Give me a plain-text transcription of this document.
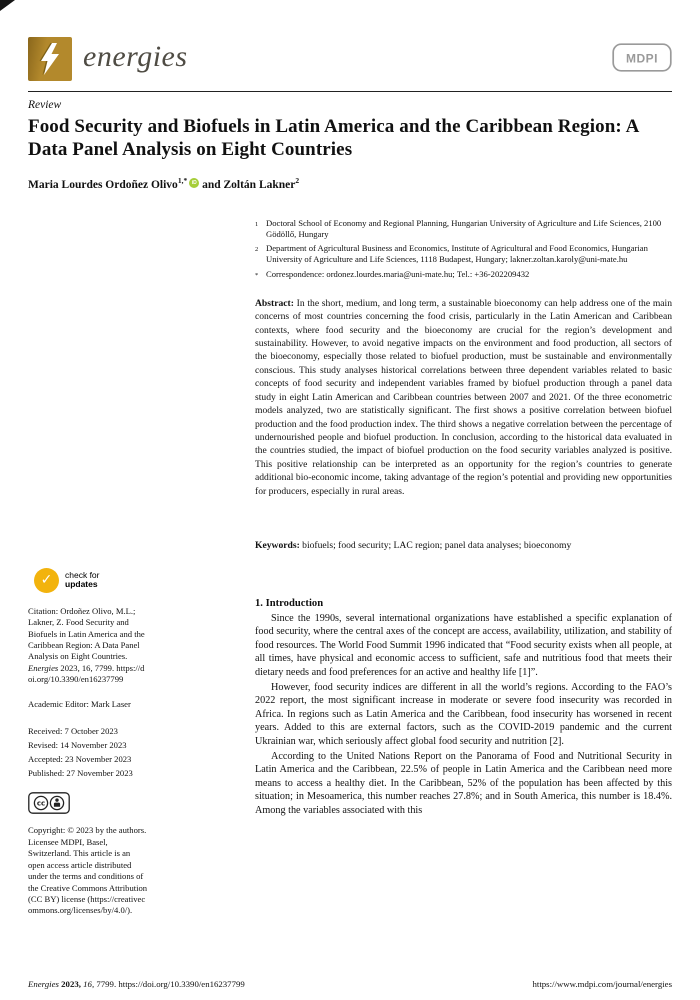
energies	MDPI
Review
Food Security and Biofuels in Latin America and the Caribbean Region: A Data Panel Analysis on Eight Countries
Maria Lourdes Ordoñez Olivo$^{1,*}$ iD and Zoltán Lakner$^2$
✓ check for
updates

Citation: Ordoñez Olivo, M.L.; Lakner, Z. Food Security and Biofuels in Latin America and the Caribbean Region: A Data Panel Analysis on Eight Countries. Energies 2023, 16, 7799. https://doi.org/10.3390/en16237799

Academic Editor: Mark Laser

Received: 7 October 2023
Revised: 14 November 2023
Accepted: 23 November 2023
Published: 27 November 2023
cc

Copyright: © 2023 by the authors. Licensee MDPI, Basel, Switzerland. This article is an open access article distributed under the terms and conditions of the Creative Commons Attribution (CC BY) license (https://creativecommons.org/licenses/by/4.0/).

1 Doctoral School of Economy and Regional Planning, Hungarian University of Agriculture and Life Sciences, 2100 Gödöllő, Hungary
2 Department of Agricultural Business and Economics, Institute of Agricultural and Food Economics, Hungarian University of Agriculture and Life Sciences, 1118 Budapest, Hungary; lakner.zoltan.karoly@uni-mate.hu
* Correspondence: ordonez.lourdes.maria@uni-mate.hu; Tel.: +36-202209432

Abstract: In the short, medium, and long term, a sustainable bioeconomy can help address one of the main concerns of most countries concerning the food crisis, particularly in the Latin American and Caribbean contexts, where food security and the bioeconomy are crucial for the region’s development and sustainability. However, to avoid negative impacts on the environment and food production, all sectors of the bioeconomy, especially those related to biofuel production, must be sustainable and environmentally conscious. This study analyses historical correlations between three dependent variables related to basic concepts of food security and independent variables framed by biofuel production through a panel data study in eight Latin American and Caribbean countries between 2007 and 2021. Of the three econometric models analyzed, two are statistically significant. The first shows a positive correlation between biofuel production and the food production index. The third shows a negative correlation between the percentage of undernourished people and biofuel production. In conclusion, according to the historical data evaluated in the countries studied, the impact of biofuel production on the food security variables analyzed is positive. This positive relationship can be interpreted as an opportunity for the region’s countries to generate additional bio-economic income, taking advantage of the region’s potential and providing new opportunities for producers, especially in rural areas.

Keywords: biofuels; food security; LAC region; panel data analyses; bioeconomy

1. Introduction

Since the 1990s, several international organizations have established a specific explanation of food security, where the central axes of the concept are access, availability, utilization, and stability of food resources. The World Food Summit 1996 indicated that “Food security exists when all people, at all times, have physical and economic access to sufficient, safe and nutritious food that meets their dietary needs and food preferences for an active and healthy life [1]”.

However, food security indices are different in all the world’s regions. According to the FAO’s 2022 report, the most significant increase in moderate or severe food insecurity was recorded in Africa. In regions such as Latin America and the Caribbean, food insecurity has worsened in recent years. Added to this are external factors, such as the COVID-2019 pandemic and the current Ukrainian war, which seriously affect global food security and nutrition [2].

According to the United Nations Report on the Panorama of Food and Nutritional Security in Latin America and the Caribbean, 22.5% of people in Latin America and the Caribbean need more means to access a healthy diet. In the Caribbean, 52% of the population has been affected by this situation; in Mesoamerica, this number reaches 27.8%; and in South America, this number is 18.4%. Among the variables associated with this

Energies 2023, 16, 7799. https://doi.org/10.3390/en16237799	https://www.mdpi.com/journal/energies
